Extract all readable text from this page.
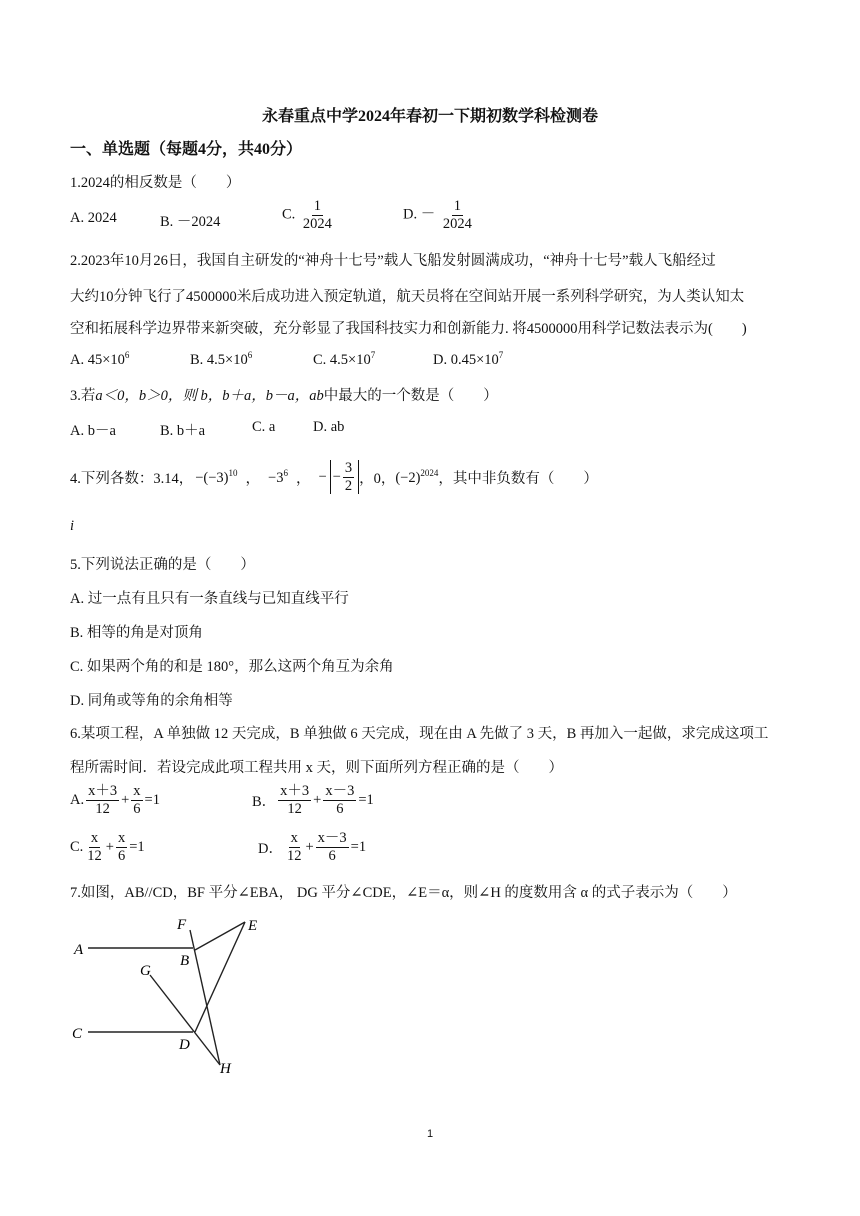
永春重点中学2024年春初一下期初数学科检测卷
一、单选题（每题4分，共40分）
1.2024的相反数是（　　）
A. 2024	B. －2024	C. $\frac{1}{2024}$	D. － $\frac{1}{2024}$
2.2023年10月26日，我国自主研发的“神舟十七号”载人飞船发射圆满成功，“神舟十七号”载人飞船经过
大约10分钟飞行了4500000米后成功进入预定轨道，航天员将在空间站开展一系列科学研究，为人类认知太
空和拓展科学边界带来新突破，充分彰显了我国科技实力和创新能力. 将4500000用科学记数法表示为(　　)
A. $45\times 10^6$	B. $4.5\times 10^6$	C. $4.5\times 10^7$	D. $0.45\times 10^7$
3.若a＜0，b＞0，则 b，b＋a，b－a，ab中最大的一个数是（　　）
A. b－a	B. b＋a	C. a	D. ab
4.下列各数：3.14， $-(-3)^{10}$ ， $-3^6$ ， − − $\frac{3}{2}$ ，0， $(-2)^{2024}$ ，其中非负数有（　　）
i
5.下列说法正确的是（　　）
A. 过一点有且只有一条直线与已知直线平行
B. 相等的角是对顶角
C. 如果两个角的和是 180°，那么这两个角互为余角
D. 同角或等角的余角相等
6.某项工程，A 单独做 12 天完成，B 单独做 6 天完成，现在由 A 先做了 3 天，B 再加入一起做，求完成这项工
程所需时间．若设完成此项工程共用 x 天，则下面所列方程正确的是（　　）
A. $\frac{x+3}{12} + \frac{x}{6} =1$	B． $\frac{x+3}{12} + \frac{x-3}{6} =1$
C. $\frac{x}{12} + \frac{x}{6} =1$	D． $\frac{x}{12} + \frac{x-3}{6} =1$
7.如图，AB//CD，BF 平分∠EBA， DG 平分∠CDE，∠E＝α，则∠H 的度数用含 α 的式子表示为（　　）
A
B
C
D
E
F
G
H
1
